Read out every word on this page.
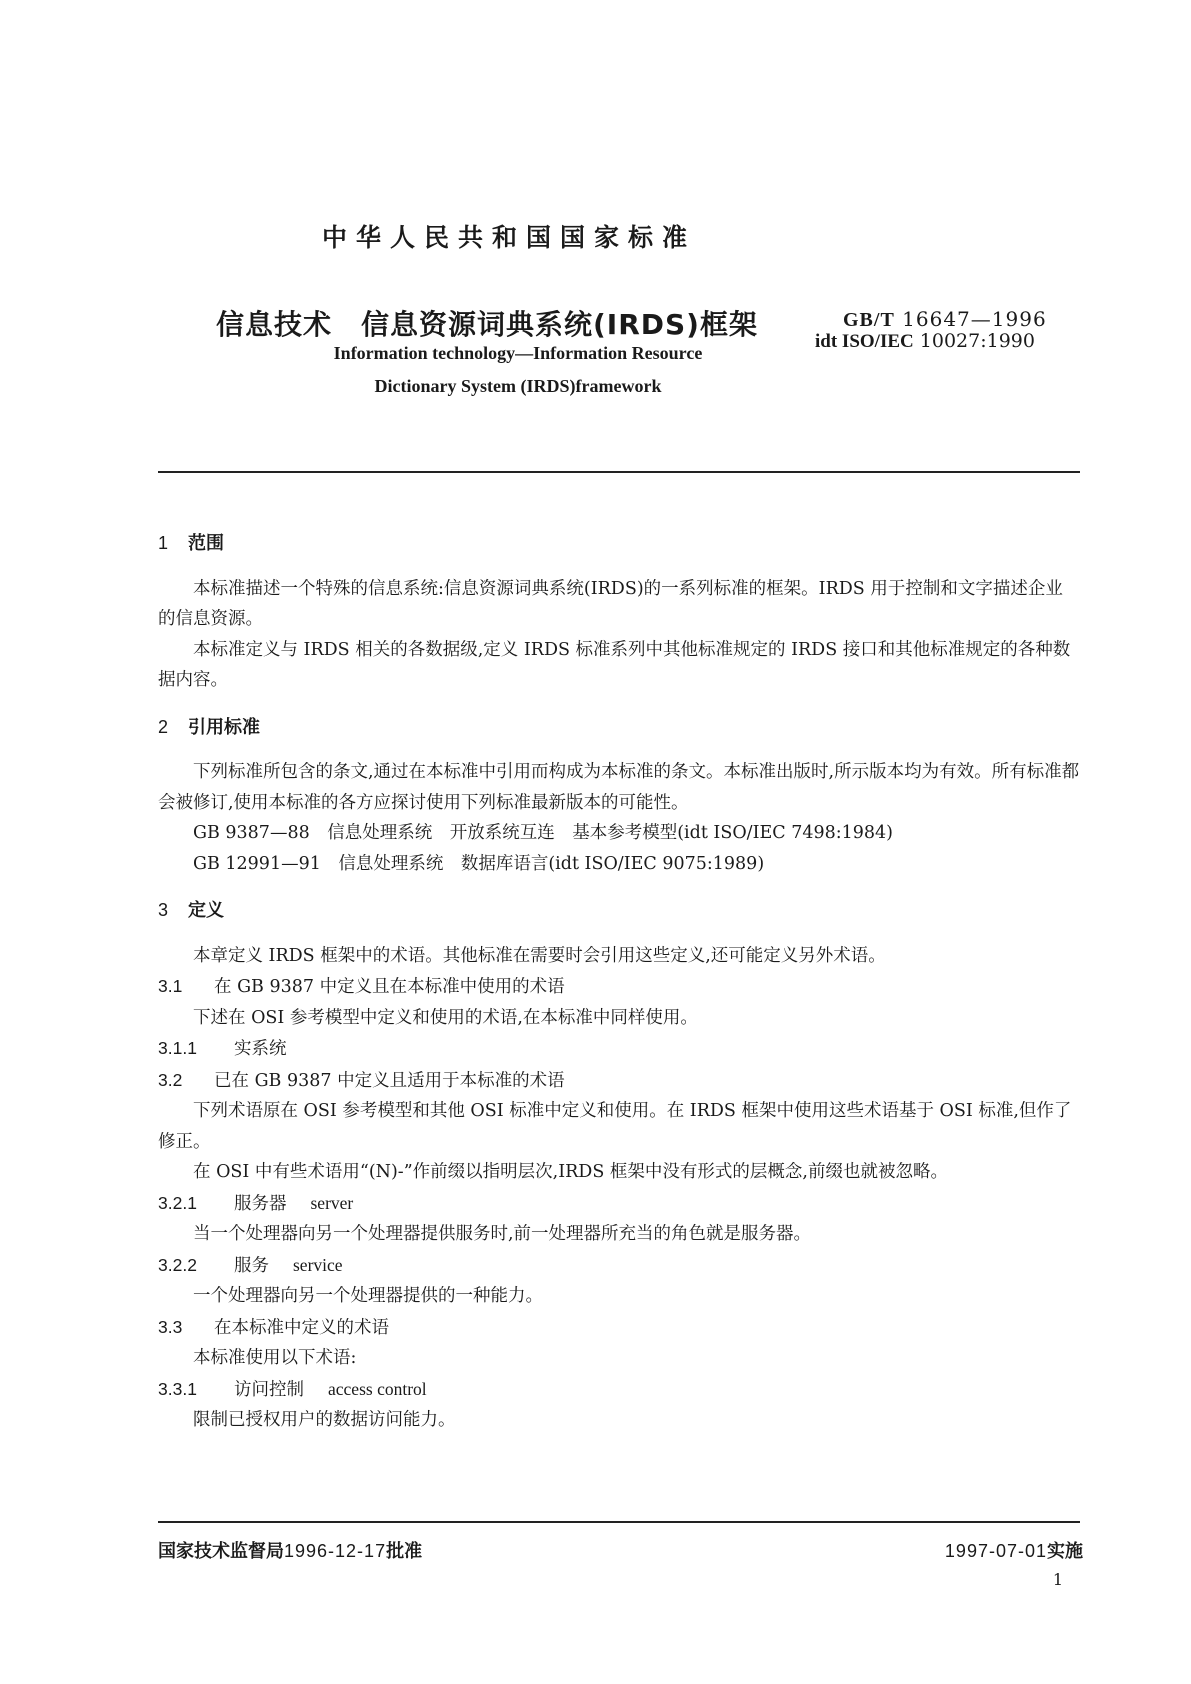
中华人民共和国国家标准
信息技术　信息资源词典系统(IRDS)框架	GB/T 16647—1996
idt ISO/IEC 10027:1990
Information technology—Information Resource
Dictionary System (IRDS)framework
1 范围
本标准描述一个特殊的信息系统:信息资源词典系统(IRDS)的一系列标准的框架。IRDS 用于控制和文字描述企业的信息资源。
本标准定义与 IRDS 相关的各数据级,定义 IRDS 标准系列中其他标准规定的 IRDS 接口和其他标准规定的各种数据内容。
2 引用标准
下列标准所包含的条文,通过在本标准中引用而构成为本标准的条文。本标准出版时,所示版本均为有效。所有标准都会被修订,使用本标准的各方应探讨使用下列标准最新版本的可能性。
GB 9387—88　信息处理系统　开放系统互连　基本参考模型(idt ISO/IEC 7498:1984)
GB 12991—91　信息处理系统　数据库语言(idt ISO/IEC 9075:1989)
3 定义
本章定义 IRDS 框架中的术语。其他标准在需要时会引用这些定义,还可能定义另外术语。
3.1 在 GB 9387 中定义且在本标准中使用的术语
下述在 OSI 参考模型中定义和使用的术语,在本标准中同样使用。
3.1.1 实系统
3.2 已在 GB 9387 中定义且适用于本标准的术语
下列术语原在 OSI 参考模型和其他 OSI 标准中定义和使用。在 IRDS 框架中使用这些术语基于 OSI 标准,但作了修正。
在 OSI 中有些术语用“(N)-”作前缀以指明层次,IRDS 框架中没有形式的层概念,前缀也就被忽略。
3.2.1 服务器 server
当一个处理器向另一个处理器提供服务时,前一处理器所充当的角色就是服务器。
3.2.2 服务 service
一个处理器向另一个处理器提供的一种能力。
3.3 在本标准中定义的术语
本标准使用以下术语:
3.3.1 访问控制 access control
限制已授权用户的数据访问能力。
国家技术监督局1996-12-17批准	1997-07-01实施
1
